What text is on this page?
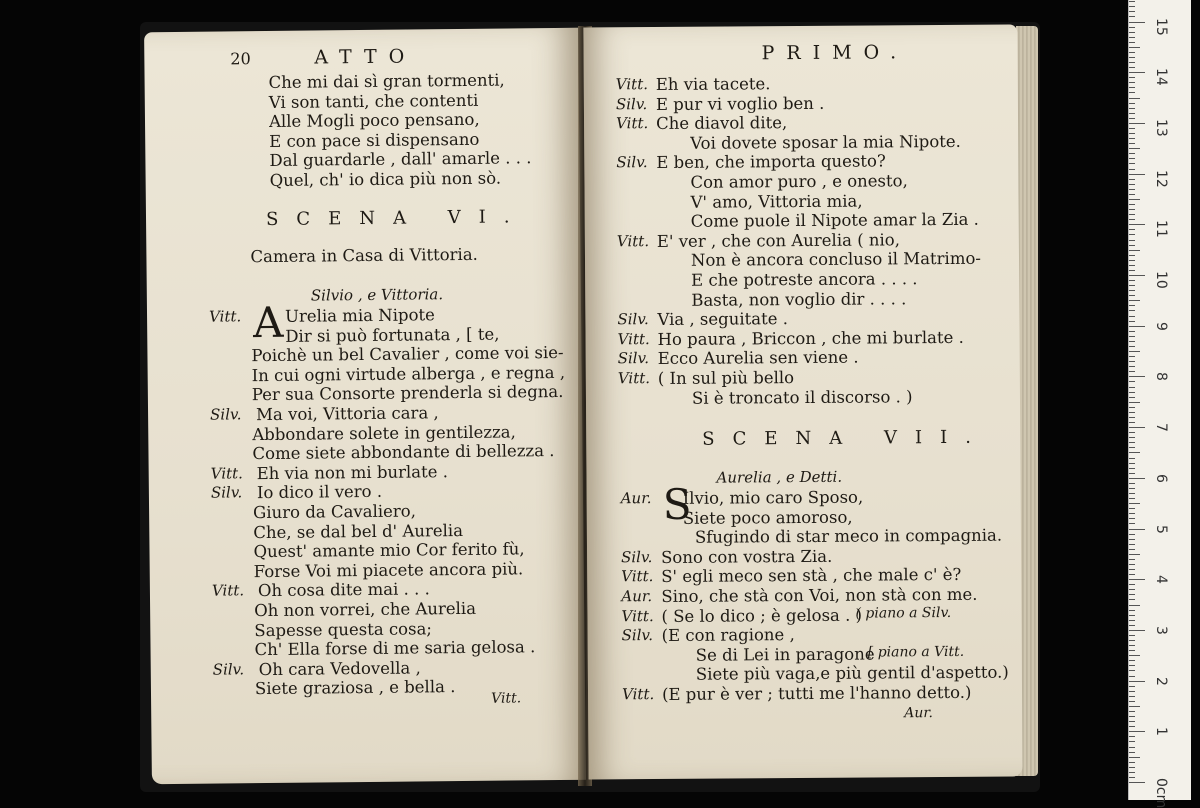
20	ATTO
Che mi dai sì gran tormenti,
Vi son tanti, che contenti
Alle Mogli poco pensano,
E con pace si dispensano
Dal guardarle , dall' amarle . . .
Quel, ch' io dica più non sò.
SCENA VI.
Camera in Casa di Vittoria.
Silvio , e Vittoria.
A
Vitt.	Urelia mia Nipote
Dir si può fortunata , [ te,
Poichè un bel Cavalier , come voi sie-
In cui ogni virtude alberga , e regna ,
Per sua Consorte prenderla si degna.
Silv. Ma voi, Vittoria cara ,
Abbondare solete in gentilezza,
Come siete abbondante di bellezza .
Vitt. Eh via non mi burlate .
Silv. Io dico il vero .
Giuro da Cavaliero,
Che, se dal bel d' Aurelia
Quest' amante mio Cor ferito fù,
Forse Voi mi piacete ancora più.
Vitt. Oh cosa dite mai . . .
Oh non vorrei, che Aurelia
Sapesse questa cosa;
Ch' Ella forse di me saria gelosa .
Silv. Oh cara Vedovella ,
Siete graziosa , e bella .
Vitt.
PRIMO.
Vitt. Eh via tacete.
Silv. E pur vi voglio ben .
Vitt. Che diavol dite,
Voi dovete sposar la mia Nipote.
Silv. E ben, che importa questo?
Con amor puro , e onesto,
V' amo, Vittoria mia,
Come puole il Nipote amar la Zia .
Vitt. E' ver , che con Aurelia ( nio,
Non è ancora concluso il Matrimo-
E che potreste ancora . . . .
Basta, non voglio dir . . . .
Silv. Via , seguitate .
Vitt. Ho paura , Briccon , che mi burlate .
Silv. Ecco Aurelia sen viene .
Vitt. ( In sul più bello
Si è troncato il discorso . )
SCENA VII.
Aurelia , e Detti.
S
Aur. Ilvio, mio caro Sposo,
Siete poco amoroso,
Sfugindo di star meco in compagnia.
Silv. Sono con vostra Zia.
Vitt. S' egli meco sen stà , che male c' è?
Aur. Sino, che stà con Voi, non stà con me.
Vitt. ( Se lo dico ; è gelosa . )
Silv. (E con ragione ,
Se di Lei in paragone
Siete più vaga,e più gentil d'aspetto.)
Vitt. (E pur è ver ; tutti me l'hanno detto.)
( piano a Silv.
[ piano a Vitt.
Aur.
0cm
1
2
3
4
5
6
7
8
9
10
11
12
13
14
15
